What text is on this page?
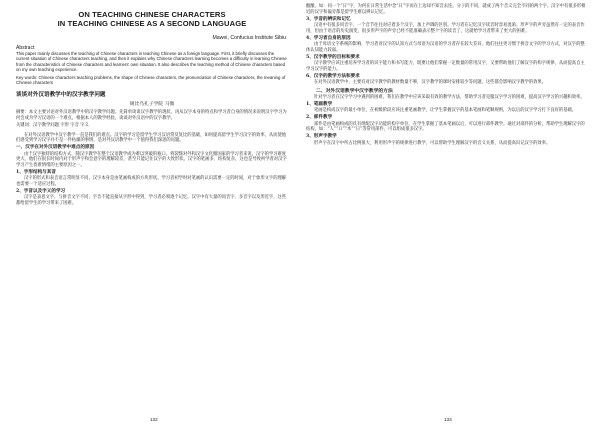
ON TEACHING CHINESE CHARACTERS

IN TEACHING CHINESE AS A SECOND LANGUAGE

Mawei, Confucius Institute Sibiu

Abstract

This paper mainly discusses the teaching of Chinese characters in teaching Chinese as a foreign language. First, it briefly discusses the current situation of Chinese characters teaching, and then it explains why Chinese characters learning becomes a difficulty in learning Chinese from the characteristics of Chinese characters and learners' own situation. It also describes the teaching method of Chinese characters based on my own teaching experience.

Key words: Chinese characters teaching problems, the shape of Chinese characters, the pronunciation of Chinese characters, the meaning of Chinese characters

谈谈对外汉语教学中的汉字教学问题

锡比乌孔子学院 马微

摘要：本文主要讨论对外汉语教学中的汉字教学问题。先简单谈谈汉字教学的现状，再从汉字本身的特点和学习者自身的情况来说明汉字学习为何会成为学习汉语的一个难点，根据本人的教学经验，谈谈对外汉语中的汉字教学。

关键词：汉字教学问题 字形 字音 字义

在对外汉语教学中汉字教学一直是我们的难点。汉字的学习是留学生学习汉语常反复比的基础，如何提高留学生学习汉字的效率，从而使他们感受到学习汉字并不是一件枯燥的事情，是对外汉语教学中一个值得我们深思的问题。

一、汉字在对外汉语教学中难点的原因

由于汉字独特的结构方式，随汉字教学在整个汉语教学成为难以突破的瓶口。将裂缝对外和汉字文化圈国家的学习者来说，汉字的学习难度更大。他们在很长时间内对于形声字和会意字的理解较差，甚至只能记住汉字的大致形状。汉字的笔画多、结构复杂，这也是导致初学者对汉字学习产生畏难情绪的主要原因之一。

1、字形结构与其音

汉字的形式和表音语言常明显不同，汉字本身是由笔画构成的方块形状，学习者初学时对笔画的认识需要一定的时间，对于象形文字的理解也需要一个适应过程。

2、字音以及字义的学习

汉字是表意文字，与拼音文字不同，字音不能直接从字形中得到，学习者必须逐个记忆。汉字中有大量的同音字、多音字以及形近字，这些都给留学生的学习带来了困难。

132

酿酿、如：同一个“日”字，为何在日常生活中念“日”字而在上边却不知音去连。分子的不同，就成了两个音义完全不同的两个字。汉字中有很多形相近的汉字和偏旁都是留学生难以辨认记忆。

3、字音的辨识和记忆

汉语中有很多同音字，一个音节往往对应着多个汉字，加上声调的区别，学习者在记忆汉字读音时容易混淆。形声字的声旁虽然有一定的表音作用，但由于语音的历史演变，很多形声字的声旁已经不能准确表示整个字的读音了，这就给学习者带来了更大的困难。

4、学习者自身的原因

由于母语文字系统的影响，学习者对汉字的认知方式与母语为汉语的学习者存在较大差异，他们往往更习惯于拼音文字的学习方式，对汉字的整体认知能力较弱。

5、汉字教学的目标和要求

汉字教学应该注重培养学习者的识字能力和书写能力，既要让他们掌握一定数量的常用汉字，又要帮助他们了解汉字的构字规律，从而提高自主学习汉字的能力。

6、汉字的教学方法和要求

在对外汉语教学中，主要有对汉字教学的教材数量不够，汉字教学的课时安排较少等问题，这些都会影响汉字教学的效果。

二、对外汉语教学中汉字教学的方法

针对学习者在汉字学习中遇到的困难，我们在教学中应该采取有效的教学方法，帮助学习者克服汉字学习的困难，提高汉字学习的兴趣和效率。

1、笔画教学

笔画是构成汉字的最小单位，在初级阶段应该注重笔画教学，让学生掌握汉字的基本笔画和笔顺规则，为以后的汉字学习打下良好的基础。

2、部件教学

部件是由笔画构成的具有组配汉字功能的构字单位，在学生掌握了基本笔画以后，可以进行部件教学。通过对部件的分析，帮助学生理解汉字的结构，如：“人”“口”“木”“日”等常用部件，可以组成很多汉字。

3、形声字教学

形声字在汉字中所占比例很大，利用形声字的规律进行教学，可以帮助学生理解汉字的音义关系，从而提高识记汉字的效率。

133
